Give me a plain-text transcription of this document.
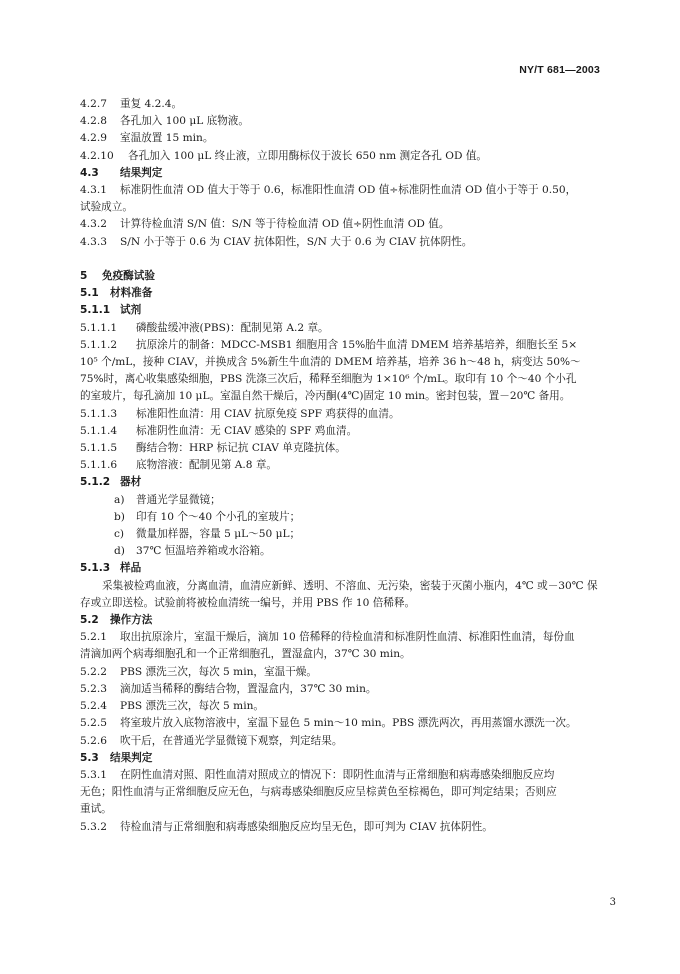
NY/T 681—2003
4.2.7 重复 4.2.4。
4.2.8 各孔加入 100 μL 底物液。
4.2.9 室温放置 15 min。
4.2.10 各孔加入 100 μL 终止液，立即用酶标仪于波长 650 nm 测定各孔 OD 值。
4.3 结果判定
4.3.1 标准阴性血清 OD 值大于等于 0.6，标准阳性血清 OD 值÷标准阴性血清 OD 值小于等于 0.50，
试验成立。
4.3.2 计算待检血清 S/N 值：S/N 等于待检血清 OD 值÷阴性血清 OD 值。
4.3.3 S/N 小于等于 0.6 为 CIAV 抗体阳性，S/N 大于 0.6 为 CIAV 抗体阴性。
5 免疫酶试验
5.1 材料准备
5.1.1 试剂
5.1.1.1 磷酸盐缓冲液(PBS)：配制见第 A.2 章。
5.1.1.2 抗原涂片的制备：MDCC-MSB1 细胞用含 15%胎牛血清 DMEM 培养基培养，细胞长至 5×
10⁵ 个/mL，接种 CIAV，并换成含 5%新生牛血清的 DMEM 培养基，培养 36 h～48 h，病变达 50%～
75%时，离心收集感染细胞，PBS 洗涤三次后，稀释至细胞为 1×10⁶ 个/mL。取印有 10 个～40 个小孔
的室玻片，每孔滴加 10 μL。室温自然干燥后，冷丙酮(4℃)固定 10 min。密封包装，置－20℃ 备用。
5.1.1.3 标准阳性血清：用 CIAV 抗原免疫 SPF 鸡获得的血清。
5.1.1.4 标准阴性血清：无 CIAV 感染的 SPF 鸡血清。
5.1.1.5 酶结合物：HRP 标记抗 CIAV 单克隆抗体。
5.1.1.6 底物溶液：配制见第 A.8 章。
5.1.2 器材
a) 普通光学显微镜；
b) 印有 10 个～40 个小孔的室玻片；
c) 微量加样器，容量 5 μL～50 μL；
d) 37℃ 恒温培养箱或水浴箱。
5.1.3 样品
采集被检鸡血液，分离血清，血清应新鲜、透明、不溶血、无污染，密装于灭菌小瓶内，4℃ 或－30℃ 保
存或立即送检。试验前将被检血清统一编号，并用 PBS 作 10 倍稀释。
5.2 操作方法
5.2.1 取出抗原涂片，室温干燥后，滴加 10 倍稀释的待检血清和标准阴性血清、标准阳性血清，每份血
清滴加两个病毒细胞孔和一个正常细胞孔，置湿盒内，37℃ 30 min。
5.2.2 PBS 漂洗三次，每次 5 min，室温干燥。
5.2.3 滴加适当稀释的酶结合物，置湿盒内，37℃ 30 min。
5.2.4 PBS 漂洗三次，每次 5 min。
5.2.5 将室玻片放入底物溶液中，室温下显色 5 min～10 min。PBS 漂洗两次，再用蒸馏水漂洗一次。
5.2.6 吹干后，在普通光学显微镜下观察，判定结果。
5.3 结果判定
5.3.1 在阴性血清对照、阳性血清对照成立的情况下：即阴性血清与正常细胞和病毒感染细胞反应均
无色；阳性血清与正常细胞反应无色，与病毒感染细胞反应呈棕黄色至棕褐色，即可判定结果；否则应
重试。
5.3.2 待检血清与正常细胞和病毒感染细胞反应均呈无色，即可判为 CIAV 抗体阴性。
3
